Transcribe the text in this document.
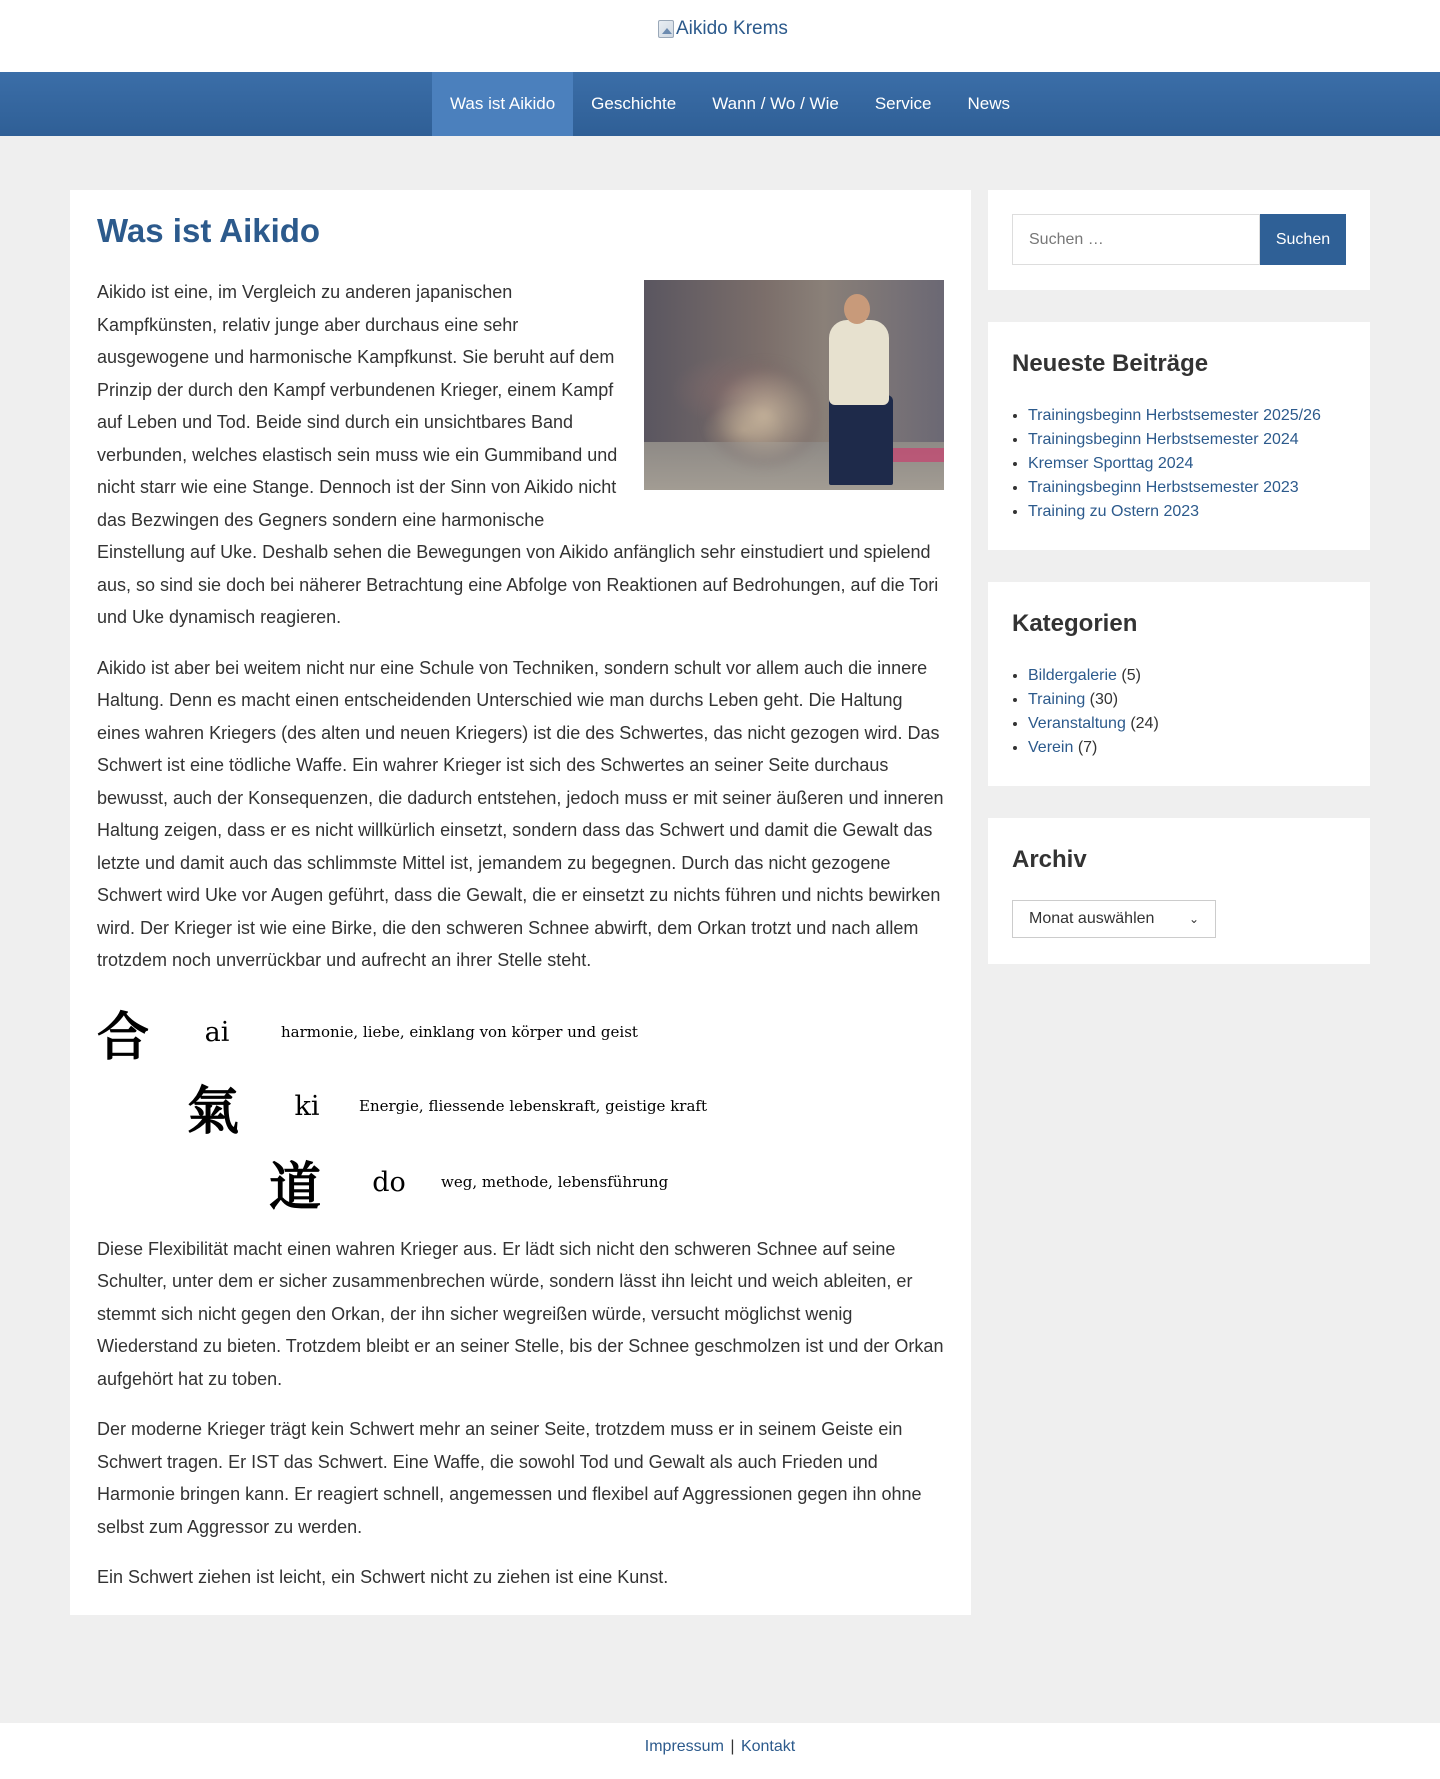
Aikido Krems
Was ist Aikido	Geschichte	Wann / Wo / Wie	Service	News
Was ist Aikido

Aikido ist eine, im Vergleich zu anderen japanischen Kampfkünsten, relativ junge aber durchaus eine sehr ausgewogene und harmonische Kampfkunst. Sie beruht auf dem Prinzip der durch den Kampf verbundenen Krieger, einem Kampf auf Leben und Tod. Beide sind durch ein unsichtbares Band verbunden, welches elastisch sein muss wie ein Gummiband und nicht starr wie eine Stange. Dennoch ist der Sinn von Aikido nicht das Bezwingen des Gegners sondern eine harmonische Einstellung auf Uke. Deshalb sehen die Bewegungen von Aikido anfänglich sehr einstudiert und spielend aus, so sind sie doch bei näherer Betrachtung eine Abfolge von Reaktionen auf Bedrohungen, auf die Tori und Uke dynamisch reagieren.

Aikido ist aber bei weitem nicht nur eine Schule von Techniken, sondern schult vor allem auch die innere Haltung. Denn es macht einen entscheidenden Unterschied wie man durchs Leben geht. Die Haltung eines wahren Kriegers (des alten und neuen Kriegers) ist die des Schwertes, das nicht gezogen wird. Das Schwert ist eine tödliche Waffe. Ein wahrer Krieger ist sich des Schwertes an seiner Seite durchaus bewusst, auch der Konsequenzen, die dadurch entstehen, jedoch muss er mit seiner äußeren und inneren Haltung zeigen, dass er es nicht willkürlich einsetzt, sondern dass das Schwert und damit die Gewalt das letzte und damit auch das schlimmste Mittel ist, jemandem zu begegnen. Durch das nicht gezogene Schwert wird Uke vor Augen geführt, dass die Gewalt, die er einsetzt zu nichts führen und nichts bewirken wird. Der Krieger ist wie eine Birke, die den schweren Schnee abwirft, dem Orkan trotzt und nach allem trotzdem noch unverrückbar und aufrecht an ihrer Stelle steht.

合	ai	harmonie, liebe, einklang von körper und geist
氣	ki	Energie, fliessende lebenskraft, geistige kraft
道	do	weg, methode, lebensführung

Diese Flexibilität macht einen wahren Krieger aus. Er lädt sich nicht den schweren Schnee auf seine Schulter, unter dem er sicher zusammenbrechen würde, sondern lässt ihn leicht und weich ableiten, er stemmt sich nicht gegen den Orkan, der ihn sicher wegreißen würde, versucht möglichst wenig Wiederstand zu bieten. Trotzdem bleibt er an seiner Stelle, bis der Schnee geschmolzen ist und der Orkan aufgehört hat zu toben.

Der moderne Krieger trägt kein Schwert mehr an seiner Seite, trotzdem muss er in seinem Geiste ein Schwert tragen. Er IST das Schwert. Eine Waffe, die sowohl Tod und Gewalt als auch Frieden und Harmonie bringen kann. Er reagiert schnell, angemessen und flexibel auf Aggressionen gegen ihn ohne selbst zum Aggressor zu werden.

Ein Schwert ziehen ist leicht, ein Schwert nicht zu ziehen ist eine Kunst.

Suchen …
Suchen
Neueste Beiträge
• Trainingsbeginn Herbstsemester 2025/26
• Trainingsbeginn Herbstsemester 2024
• Kremser Sporttag 2024
• Trainingsbeginn Herbstsemester 2023
• Training zu Ostern 2023
Kategorien
• Bildergalerie (5)
• Training (30)
• Veranstaltung (24)
• Verein (7)
Archiv
Monat auswählen	⌄
Impressum | Kontakt
